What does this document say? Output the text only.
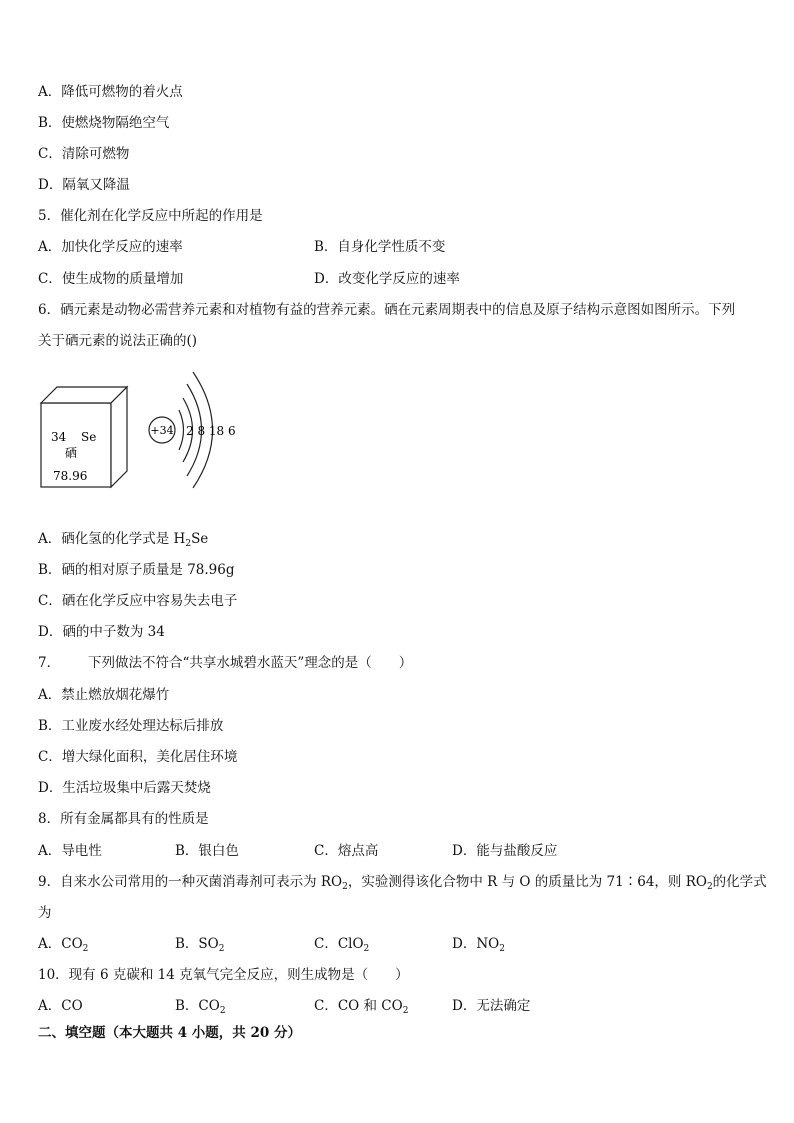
A．降低可燃物的着火点
B．使燃烧物隔绝空气
C．清除可燃物
D．隔氧又降温
5．催化剂在化学反应中所起的作用是
A．加快化学反应的速率	B．自身化学性质不变
C．使生成物的质量增加	D．改变化学反应的速率
6．硒元素是动物必需营养元素和对植物有益的营养元素。硒在元素周期表中的信息及原子结构示意图如图所示。下列
关于硒元素的说法正确的()
34 Se
硒
78.96
+34 2 8 18 6
A．硒化氢的化学式是 $H_2Se$
B．硒的相对原子质量是 78.96g
C．硒在化学反应中容易失去电子
D．硒的中子数为 34
7． 下列做法不符合“共享水城碧水蓝天”理念的是（　　）
A．禁止燃放烟花爆竹
B．工业废水经处理达标后排放
C．增大绿化面积，美化居住环境
D．生活垃圾集中后露天焚烧
8．所有金属都具有的性质是
A．导电性	B．银白色	C．熔点高	D．能与盐酸反应
9．自来水公司常用的一种灭菌消毒剂可表示为 $RO_2$，实验测得该化合物中 R 与 O 的质量比为 71∶64，则 $RO_2$的化学式
为
A．$CO_2$	B．$SO_2$	C．ClO$_2$	D．$NO_2$
10．现有 6 克碳和 14 克氧气完全反应，则生成物是（　　）
A．CO	B．$CO_2$	C．CO 和 $CO_2$	D．无法确定
二、填空题（本大题共 4 小题，共 20 分）
